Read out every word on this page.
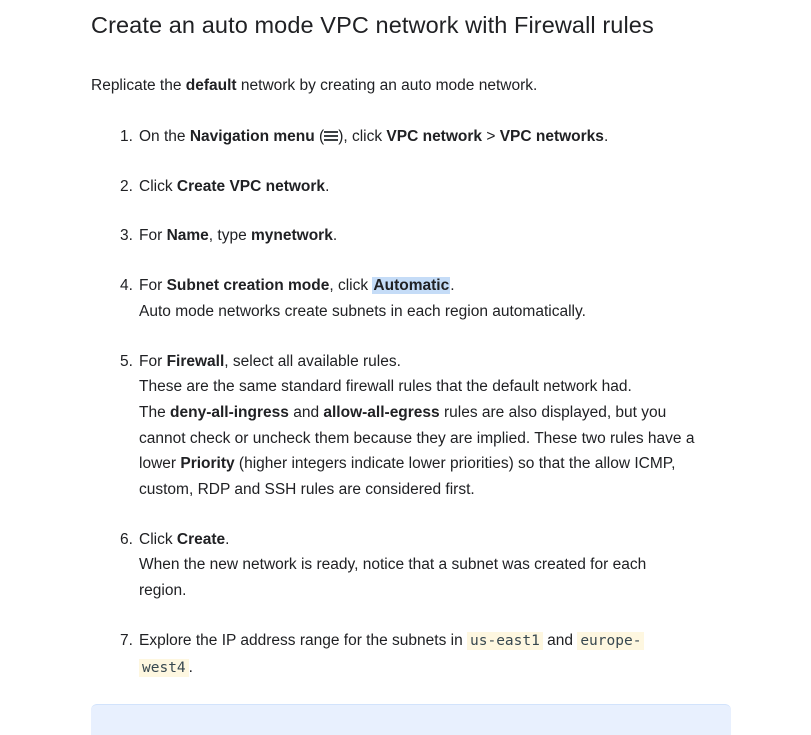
Create an auto mode VPC network with Firewall rules

Replicate the default network by creating an auto mode network.

1. On the Navigation menu ( ), click VPC network > VPC networks.
2. Click Create VPC network.
3. For Name, type mynetwork.
4. For Subnet creation mode, click Automatic.
Auto mode networks create subnets in each region automatically.
5. For Firewall, select all available rules.
These are the same standard firewall rules that the default network had.
The deny-all-ingress and allow-all-egress rules are also displayed, but you
cannot check or uncheck them because they are implied. These two rules have a
lower Priority (higher integers indicate lower priorities) so that the allow ICMP,
custom, RDP and SSH rules are considered first.
6. Click Create.
When the new network is ready, notice that a subnet was created for each
region.
7. Explore the IP address range for the subnets in us-east1 and europe-
west4 .
